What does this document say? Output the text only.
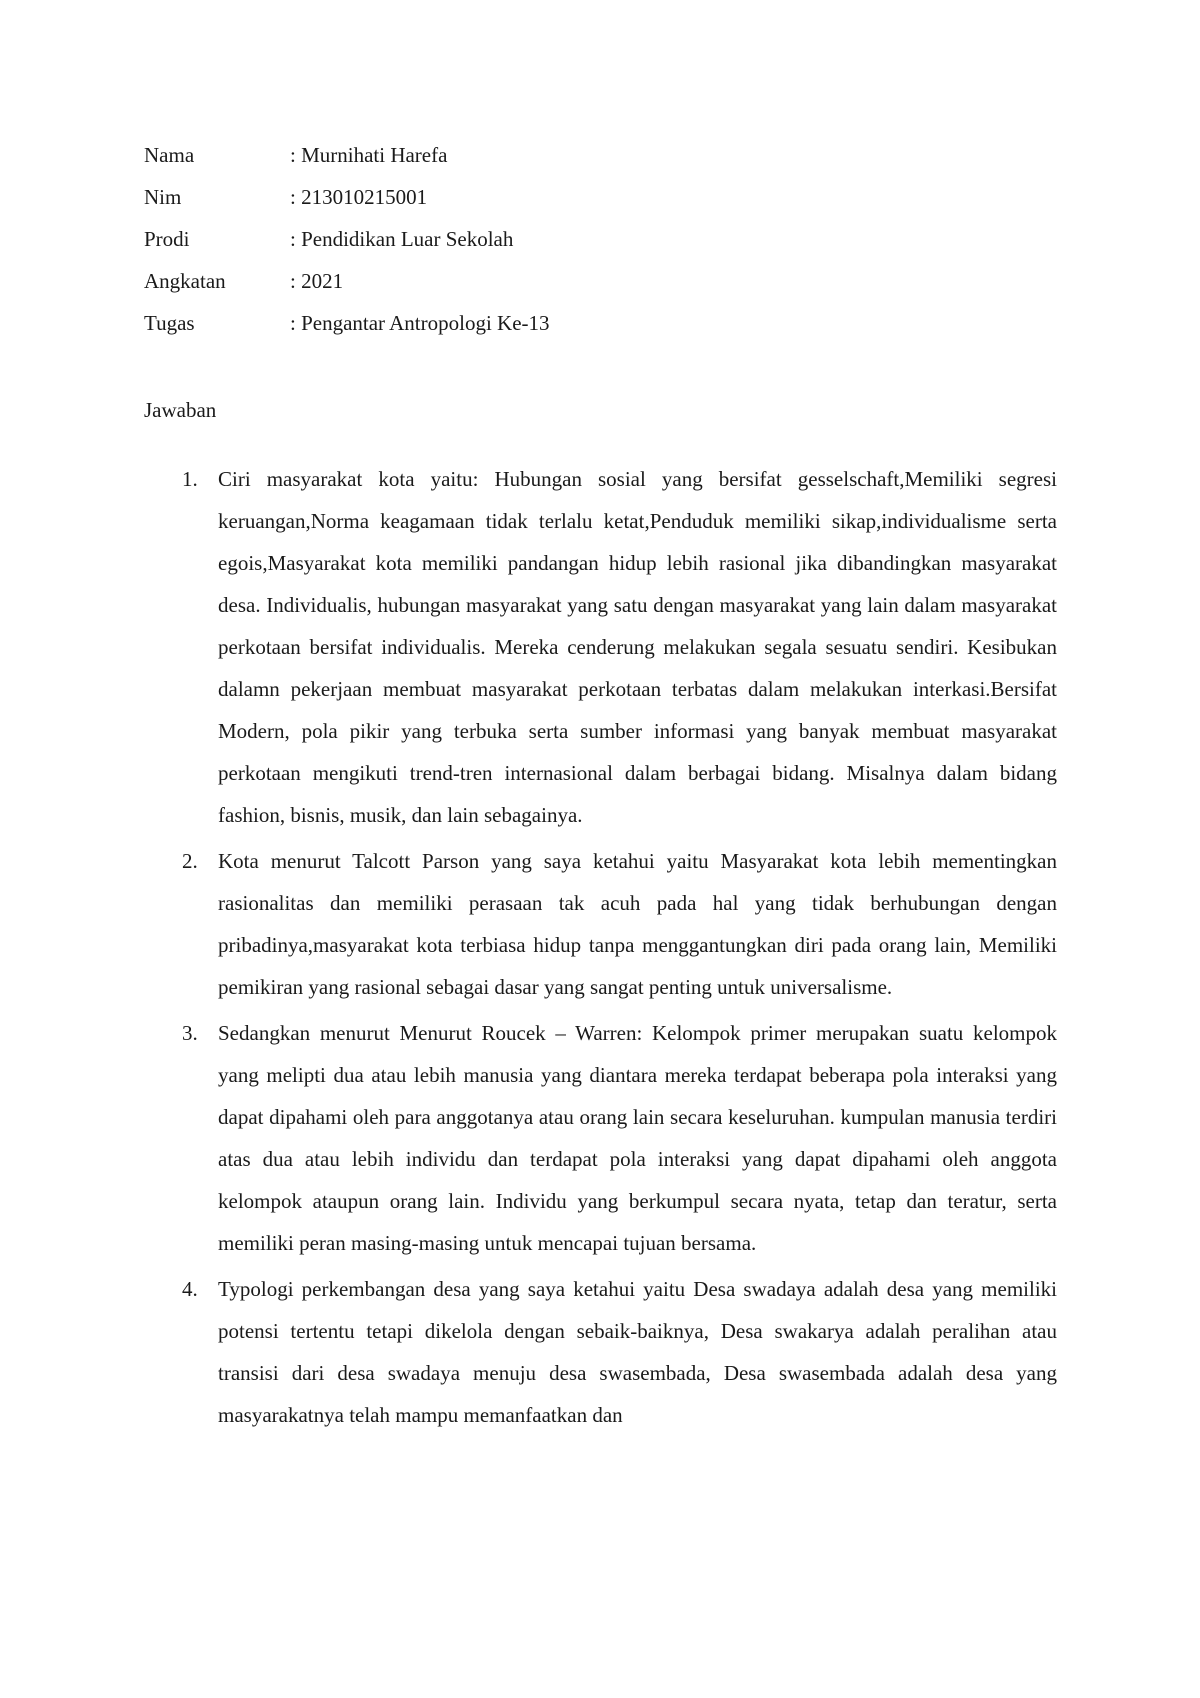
Nama	: Murnihati Harefa
Nim	: 213010215001
Prodi	: Pendidikan Luar Sekolah
Angkatan	: 2021
Tugas	: Pengantar Antropologi Ke-13
Jawaban
1. Ciri masyarakat kota yaitu: Hubungan sosial yang bersifat gesselschaft,Memiliki segresi keruangan,Norma keagamaan tidak terlalu ketat,Penduduk memiliki sikap,individualisme serta egois,Masyarakat kota memiliki pandangan hidup lebih rasional jika dibandingkan masyarakat desa. Individualis, hubungan masyarakat yang satu dengan masyarakat yang lain dalam masyarakat perkotaan bersifat individualis. Mereka cenderung melakukan segala sesuatu sendiri. Kesibukan dalamn pekerjaan membuat masyarakat perkotaan terbatas dalam melakukan interkasi.Bersifat Modern, pola pikir yang terbuka serta sumber informasi yang banyak membuat masyarakat perkotaan mengikuti trend-tren internasional dalam berbagai bidang. Misalnya dalam bidang fashion, bisnis, musik, dan lain sebagainya.
2. Kota menurut Talcott Parson yang saya ketahui yaitu Masyarakat kota lebih mementingkan rasionalitas dan memiliki perasaan tak acuh pada hal yang tidak berhubungan dengan pribadinya,masyarakat kota terbiasa hidup tanpa menggantungkan diri pada orang lain, Memiliki pemikiran yang rasional sebagai dasar yang sangat penting untuk universalisme.
3. Sedangkan menurut Menurut Roucek – Warren: Kelompok primer merupakan suatu kelompok yang melipti dua atau lebih manusia yang diantara mereka terdapat beberapa pola interaksi yang dapat dipahami oleh para anggotanya atau orang lain secara keseluruhan. kumpulan manusia terdiri atas dua atau lebih individu dan terdapat pola interaksi yang dapat dipahami oleh anggota kelompok ataupun orang lain. Individu yang berkumpul secara nyata, tetap dan teratur, serta memiliki peran masing-masing untuk mencapai tujuan bersama.
4. Typologi perkembangan desa yang saya ketahui yaitu Desa swadaya adalah desa yang memiliki potensi tertentu tetapi dikelola dengan sebaik-baiknya, Desa swakarya adalah peralihan atau transisi dari desa swadaya menuju desa swasembada, Desa swasembada adalah desa yang masyarakatnya telah mampu memanfaatkan dan
